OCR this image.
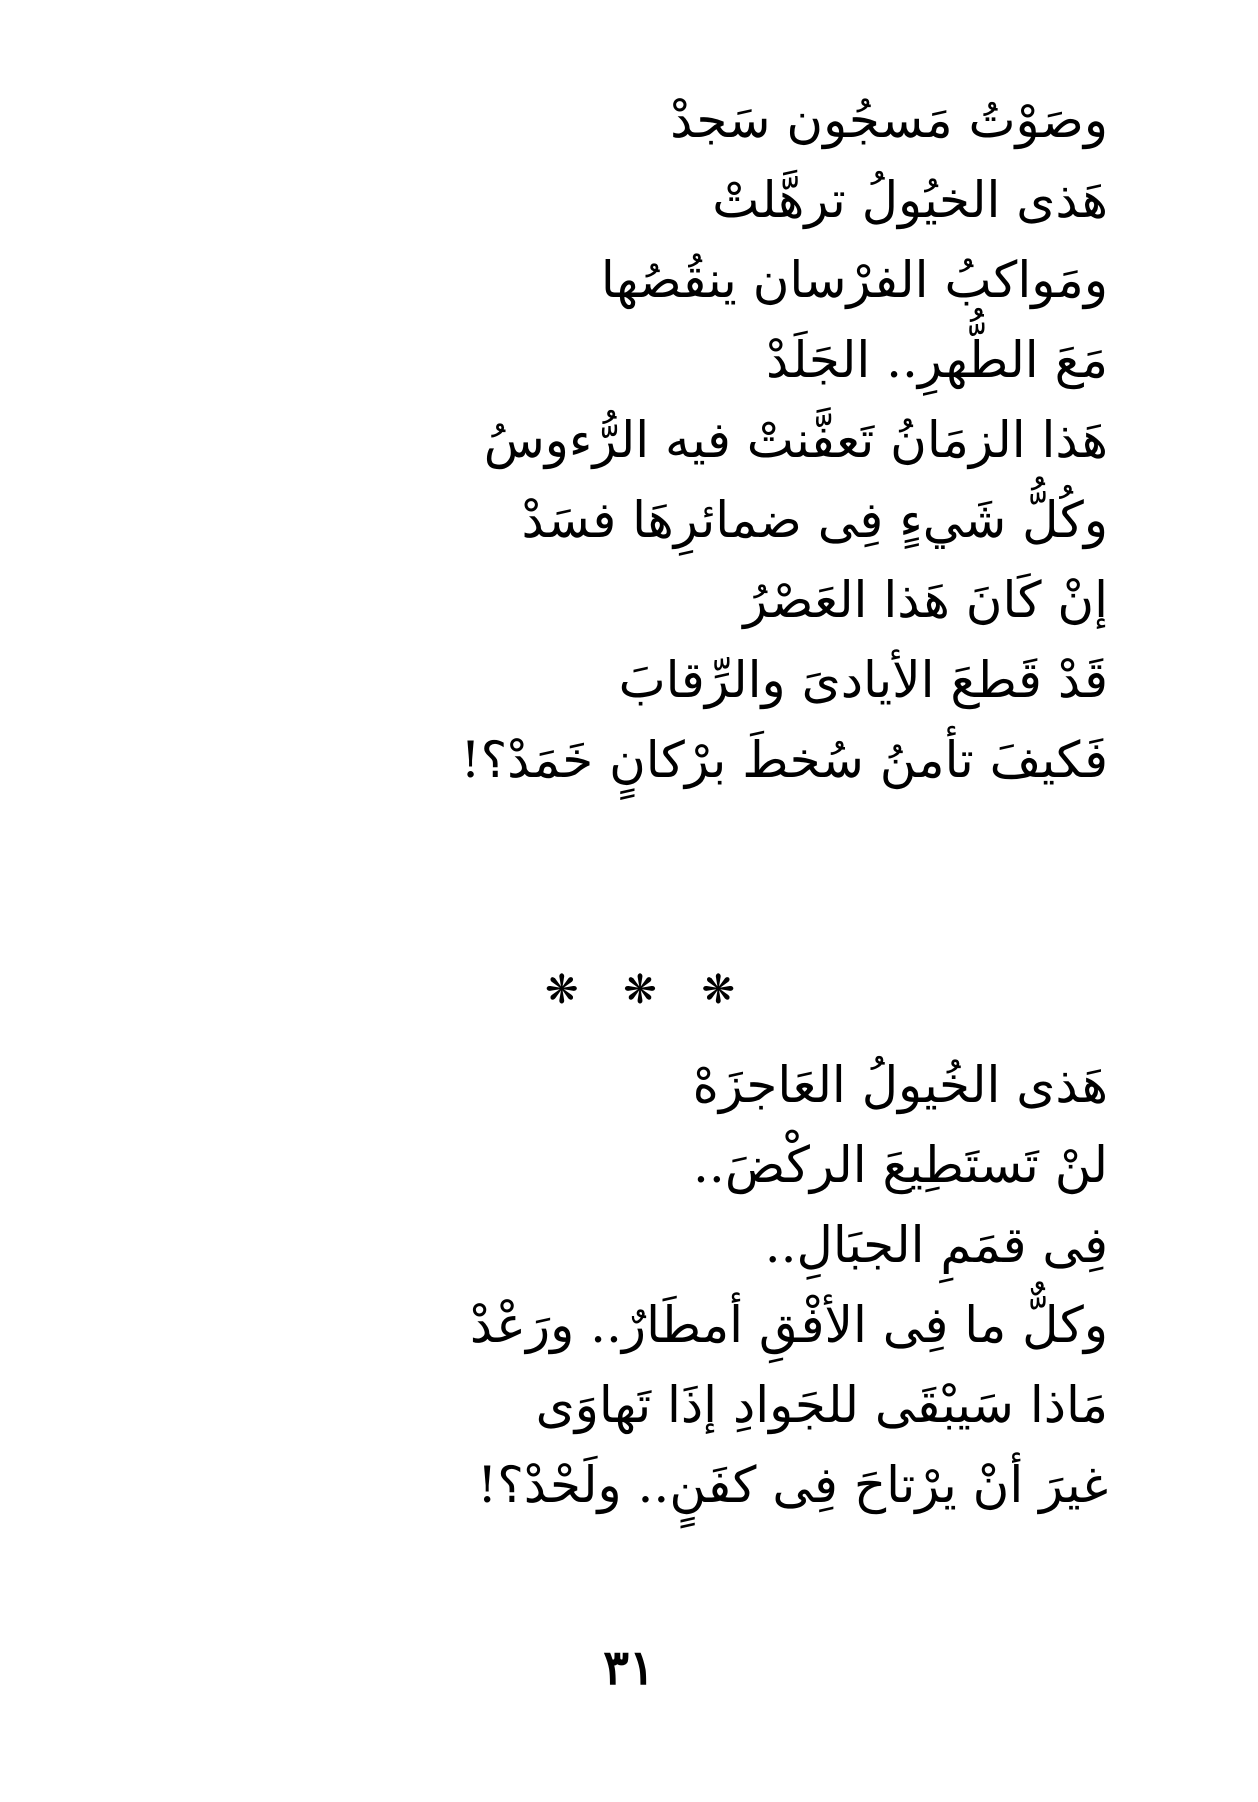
وصَوْتُ مَسجُون سَجدْ

هَذى الخيُولُ ترهَّلتْ

ومَواكبُ الفرْسان ينقُصُها

مَعَ الطُّهرِ.. الجَلَدْ

هَذا الزمَانُ تَعفَّنتْ فيه الرُّءوسُ

وكُلُّ شَيءٍ فِى ضمائرِهَا فسَدْ

إنْ كَانَ هَذا العَصْرُ

قَدْ قَطعَ الأيادىَ والرِّقابَ

فَكيفَ تأمنُ سُخطَ برْكانٍ خَمَدْ؟!

❋ ❋ ❋

هَذى الخُيولُ العَاجزَهْ

لنْ تَستَطِيعَ الركْضَ..

فِى قمَمِ الجبَالِ..

وكلٌّ ما فِى الأفْقِ أمطَارٌ.. ورَعْدْ

مَاذا سَيبْقَى للجَوادِ إذَا تَهاوَى

غيرَ أنْ يرْتاحَ فِى كفَنٍ.. ولَحْدْ؟!

٣١
